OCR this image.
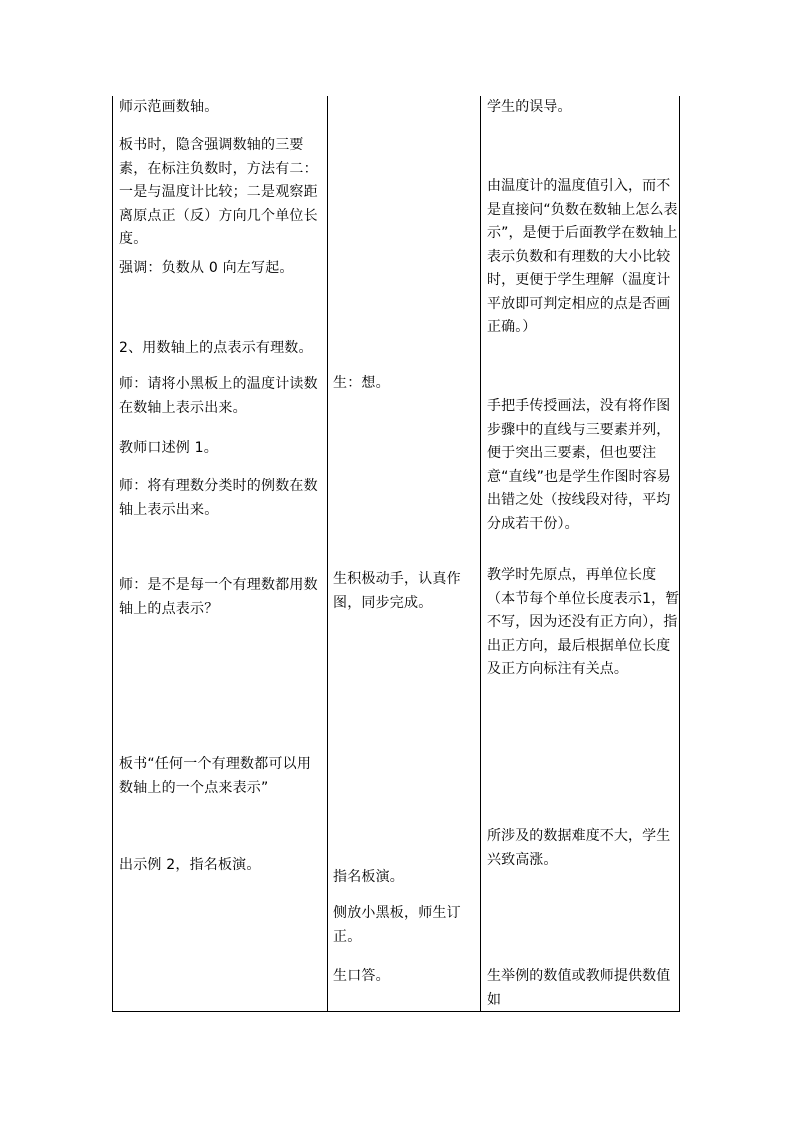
师示范画数轴。

板书时，隐含强调数轴的三要素，在标注负数时，方法有二：一是与温度计比较；二是观察距离原点正（反）方向几个单位长度。

强调：负数从 0 向左写起。

2、用数轴上的点表示有理数。

师：请将小黑板上的温度计读数在数轴上表示出来。

教师口述例 1。

师：将有理数分类时的例数在数轴上表示出来。

师：是不是每一个有理数都用数轴上的点表示？

板书“任何一个有理数都可以用数轴上的一个点来表示”

出示例 2，指名板演。

生：想。

生积极动手，认真作图，同步完成。

指名板演。

侧放小黑板，师生订正。

生口答。

学生的误导。

由温度计的温度值引入，而不是直接问“负数在数轴上怎么表示”，是便于后面教学在数轴上表示负数和有理数的大小比较时，更便于学生理解（温度计平放即可判定相应的点是否画正确。）

手把手传授画法，没有将作图步骤中的直线与三要素并列，便于突出三要素，但也要注意“直线”也是学生作图时容易出错之处（按线段对待，平均分成若干份）。

教学时先原点，再单位长度（本节每个单位长度表示1，暂不写，因为还没有正方向），指出正方向，最后根据单位长度及正方向标注有关点。

所涉及的数据难度不大，学生兴致高涨。

生举例的数值或教师提供数值如
